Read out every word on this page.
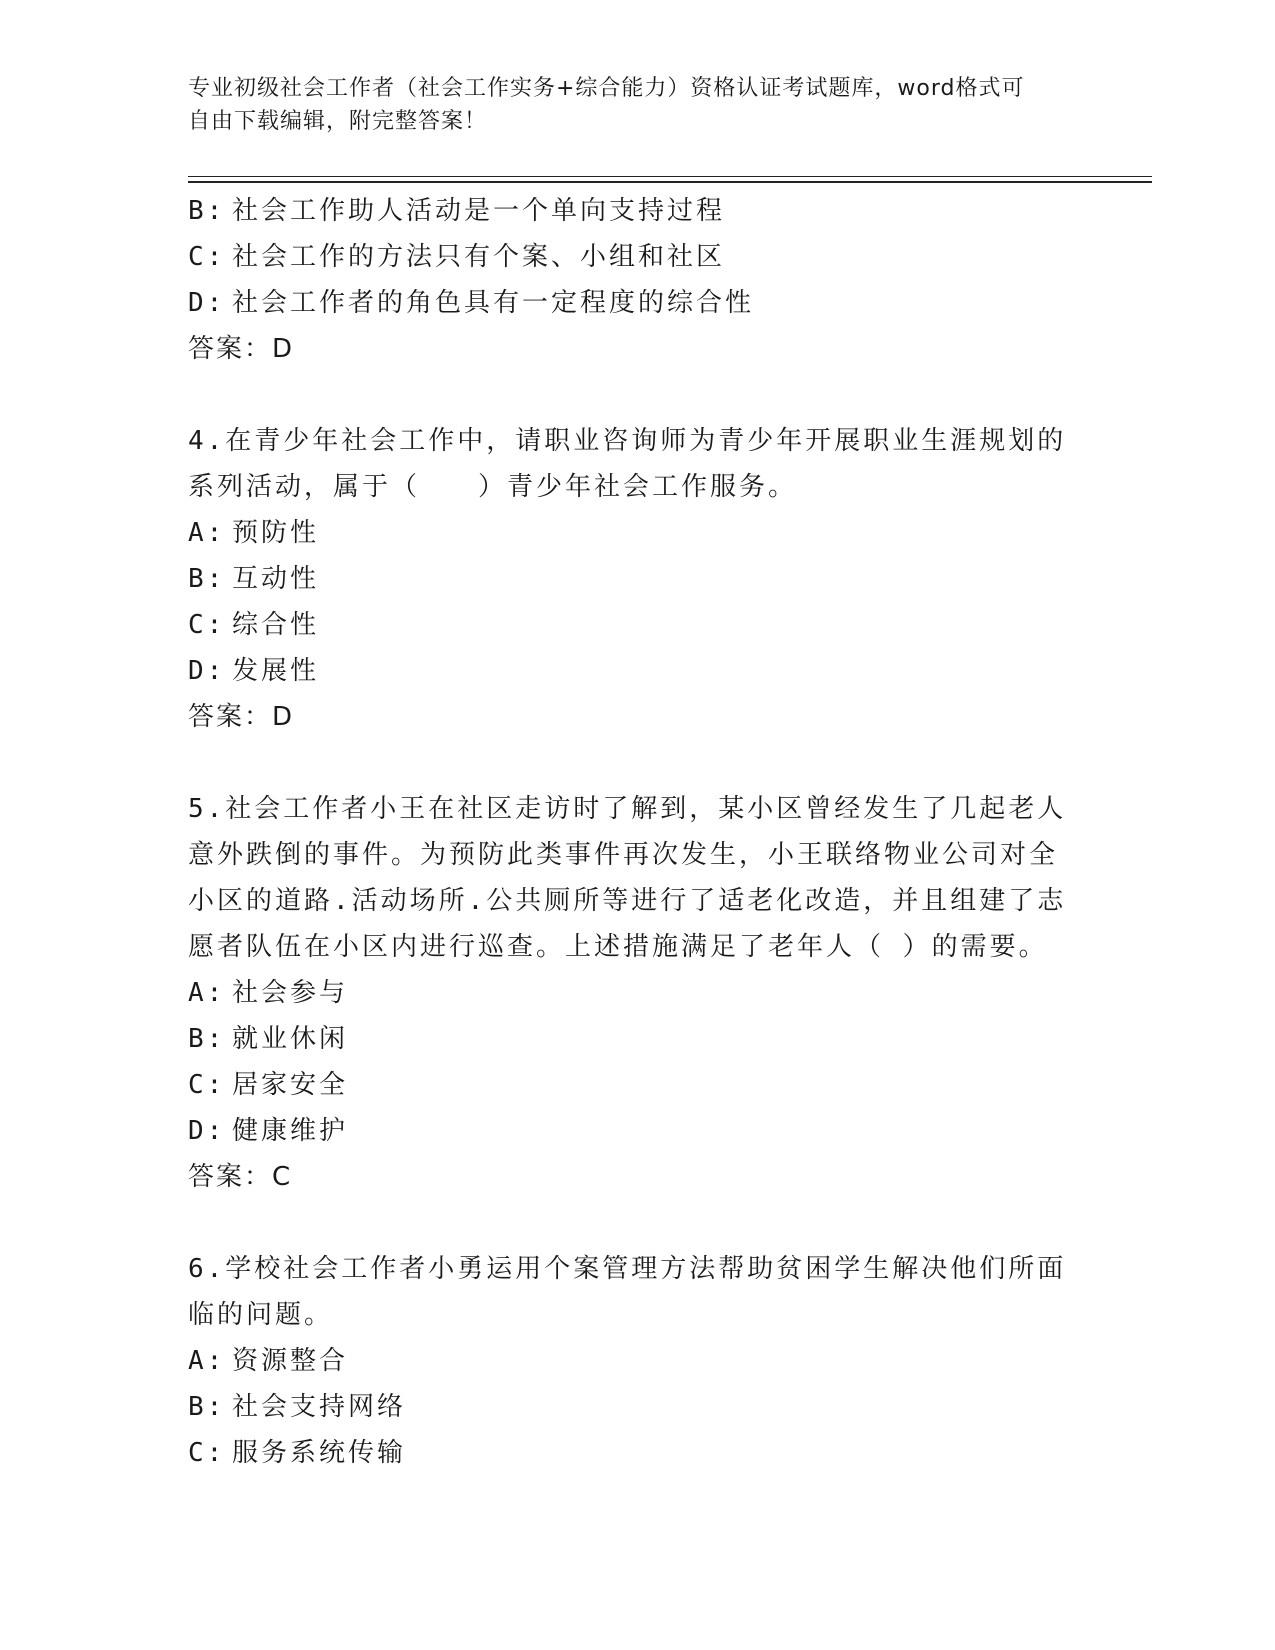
专业初级社会工作者（社会工作实务+综合能力）资格认证考试题库，word格式可
自由下载编辑，附完整答案！
B: 社会工作助人活动是一个单向支持过程
C: 社会工作的方法只有个案、小组和社区
D: 社会工作者的角色具有一定程度的综合性
答案：D
4.在青少年社会工作中，请职业咨询师为青少年开展职业生涯规划的
系列活动，属于（　　）青少年社会工作服务。
A: 预防性
B: 互动性
C: 综合性
D: 发展性
答案：D
5.社会工作者小王在社区走访时了解到，某小区曾经发生了几起老人
意外跌倒的事件。为预防此类事件再次发生，小王联络物业公司对全
小区的道路.活动场所.公共厕所等进行了适老化改造，并且组建了志
愿者队伍在小区内进行巡查。上述措施满足了老年人（ ）的需要。
A: 社会参与
B: 就业休闲
C: 居家安全
D: 健康维护
答案：C
6.学校社会工作者小勇运用个案管理方法帮助贫困学生解决他们所面
临的问题。
A: 资源整合
B: 社会支持网络
C: 服务系统传输
